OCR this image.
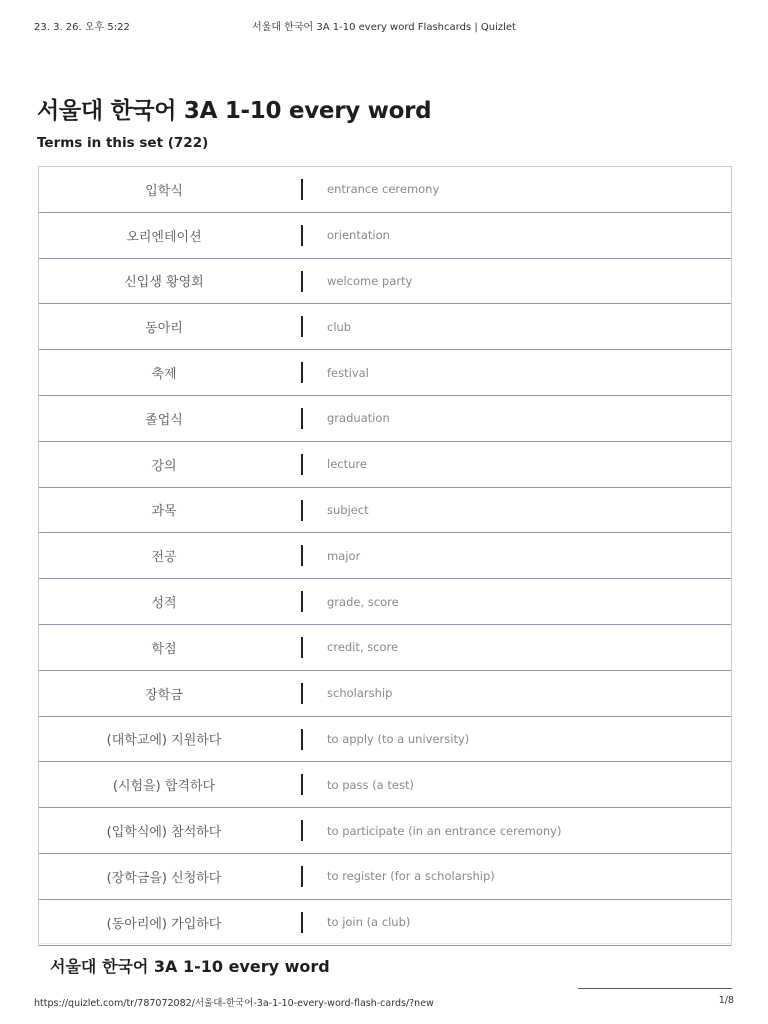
23. 3. 26. 오후 5:22	서울대 한국어 3A 1-10 every word Flashcards | Quizlet
서울대 한국어 3A 1-10 every word
Terms in this set (722)
입학식	entrance ceremony
오리엔테이션	orientation
신입생 황영회	welcome party
동아리	club
축제	festival
졸업식	graduation
강의	lecture
과목	subject
전공	major
성적	grade, score
학점	credit, score
장학금	scholarship
(대학교에) 지원하다	to apply (to a university)
(시험을) 합격하다	to pass (a test)
(입학식에) 참석하다	to participate (in an entrance ceremony)
(장학금을) 신청하다	to register (for a scholarship)
(동아리에) 가입하다	to join (a club)
서울대 한국어 3A 1-10 every word
https://quizlet.com/tr/787072082/서울대-한국어-3a-1-10-every-word-flash-cards/?new	1/8
